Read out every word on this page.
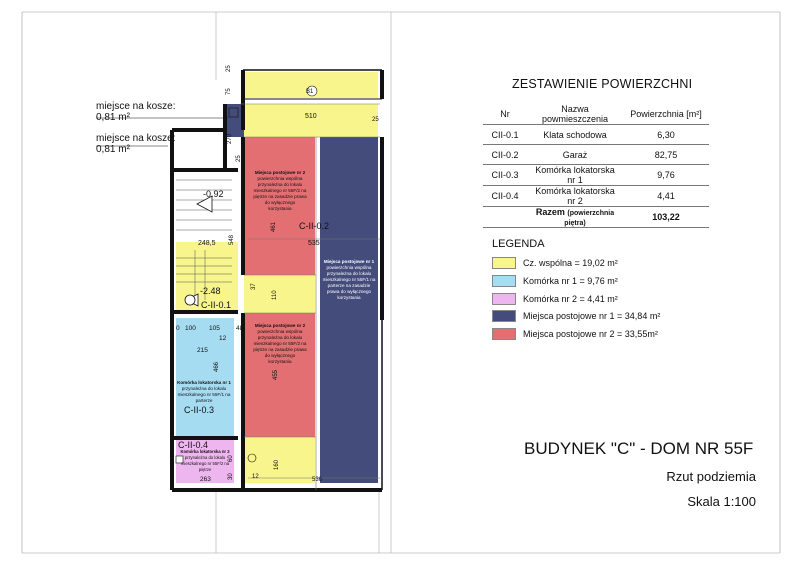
B1
510	25
535
536
248,5
461
110
455
37
25
75
270
25
548
0 100 105
12
48
215
466
263
60
30
160
12
C-II-0.2
C-II-0.1
C-II-0.3
C-II-0.4
-0.92
-2.48
Miejsca postojowe nr 2
powierzchnia wspólna
przynależna do lokalu
mieszkalnego nr 55F/2 na
piętrze na zasadzie prawa
do wyłącznego
korzystania
Miejsca postojowe nr 1
powierzchnia wspólna
przynależna do lokalu
mieszkalnego nr 55F/1 na
parterze na zasadzie
prawa do wyłącznego
korzystania
Miejsca postojowe nr 2
powierzchnia wspólna
przynależna do lokalu
mieszkalnego nr 55F/2 na
piętrze na zasadzie prawa
do wyłącznego
korzystania
Komórka lokatorska nr 1
przynależna do lokalu
mieszkalnego nr 55F/1 na
parterze
Komórka lokatorska nr 2
przynależna do lokalu
mieszkalnego nr 55F/2 na
piętrze
miejsce na kosze:
0,81 m²
miejsce na kosze:
0,81 m²
ZESTAWIENIE POWIERZCHNI
Nr	Nazwa powmieszczenia	Powierzchnia [m²]
CII-0.1	Klata schodowa	6,30
CII-0.2	Garaż	82,75
CII-0.3	Komórka lokatorska nr 1	9,76
CII-0.4	Komórka lokatorska nr 2	4,41
	Razem (powierzchnia piętra)	103,22
LEGENDA
Cz. wspólna = 19,02 m²
Komórka nr 1 = 9,76 m²
Komórka nr 2 = 4,41 m²
Miejsca postojowe nr 1 = 34,84 m²
Miejsca postojowe nr 2 = 33,55m²
BUDYNEK "C" - DOM NR 55F
Rzut podziemia
Skala 1:100
